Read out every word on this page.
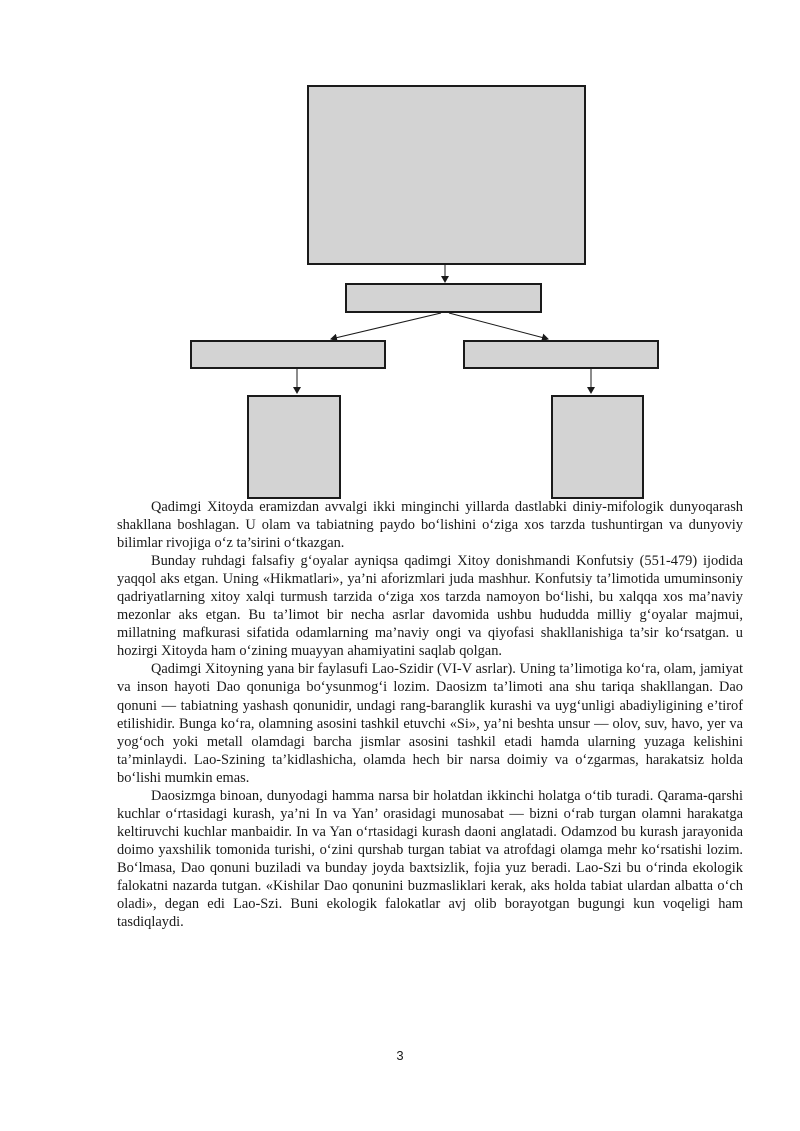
Qadimgi Xitoyda eramizdan avvalgi ikki minginchi yillarda dastlabki diniy-mifologik dunyoqarash shakllana boshlagan. U olam va tabiatning paydo bo‘lishini o‘ziga xos tarzda tushuntirgan va dunyoviy bilimlar rivojiga o‘z ta’sirini o‘tkazgan.

Bunday ruhdagi falsafiy g‘oyalar ayniqsa qadimgi Xitoy donishmandi Konfutsiy (551-479) ijodida yaqqol aks etgan. Uning «Hikmatlari», ya’ni aforizmlari juda mashhur. Konfutsiy ta’limotida umuminsoniy qadriyatlarning xitoy xalqi turmush tarzida o‘ziga xos tarzda namoyon bo‘lishi, bu xalqqa xos ma’naviy mezonlar aks etgan. Bu ta’limot bir necha asrlar davomida ushbu hududda milliy g‘oyalar majmui, millatning mafkurasi sifatida odamlarning ma’naviy ongi va qiyofasi shakllanishiga ta’sir ko‘rsatgan. u hozirgi Xitoyda ham o‘zining muayyan ahamiyatini saqlab qolgan.

Qadimgi Xitoyning yana bir faylasufi Lao-Szidir (VI-V asrlar). Uning ta’limotiga ko‘ra, olam, jamiyat va inson hayoti Dao qonuniga bo‘ysunmog‘i lozim. Daosizm ta’limoti ana shu tariqa shakllangan. Dao qonuni — tabiatning yashash qonunidir, undagi rang-baranglik kurashi va uyg‘unligi abadiyligining e’tirof etilishidir. Bunga ko‘ra, olamning asosini tashkil etuvchi «Si», ya’ni beshta unsur — olov, suv, havo, yer va yog‘och yoki metall olamdagi barcha jismlar asosini tashkil etadi hamda ularning yuzaga kelishini ta’minlaydi. Lao-Szining ta’kidlashicha, olamda hech bir narsa doimiy va o‘zgarmas, harakatsiz holda bo‘lishi mumkin emas.

Daosizmga binoan, dunyodagi hamma narsa bir holatdan ikkinchi holatga o‘tib turadi. Qarama-qarshi kuchlar o‘rtasidagi kurash, ya’ni In va Yan’ orasidagi munosabat — bizni o‘rab turgan olamni harakatga keltiruvchi kuchlar manbaidir. In va Yan o‘rtasidagi kurash daoni anglatadi. Odamzod bu kurash jarayonida doimo yaxshilik tomonida turishi, o‘zini qurshab turgan tabiat va atrofdagi olamga mehr ko‘rsatishi lozim. Bo‘lmasa, Dao qonuni buziladi va bunday joyda baxtsizlik, fojia yuz beradi. Lao-Szi bu o‘rinda ekologik falokatni nazarda tutgan. «Kishilar Dao qonunini buzmasliklari kerak, aks holda tabiat ulardan albatta o‘ch oladi», degan edi Lao-Szi. Buni ekologik falokatlar avj olib borayotgan bugungi kun voqeligi ham tasdiqlaydi.

3
